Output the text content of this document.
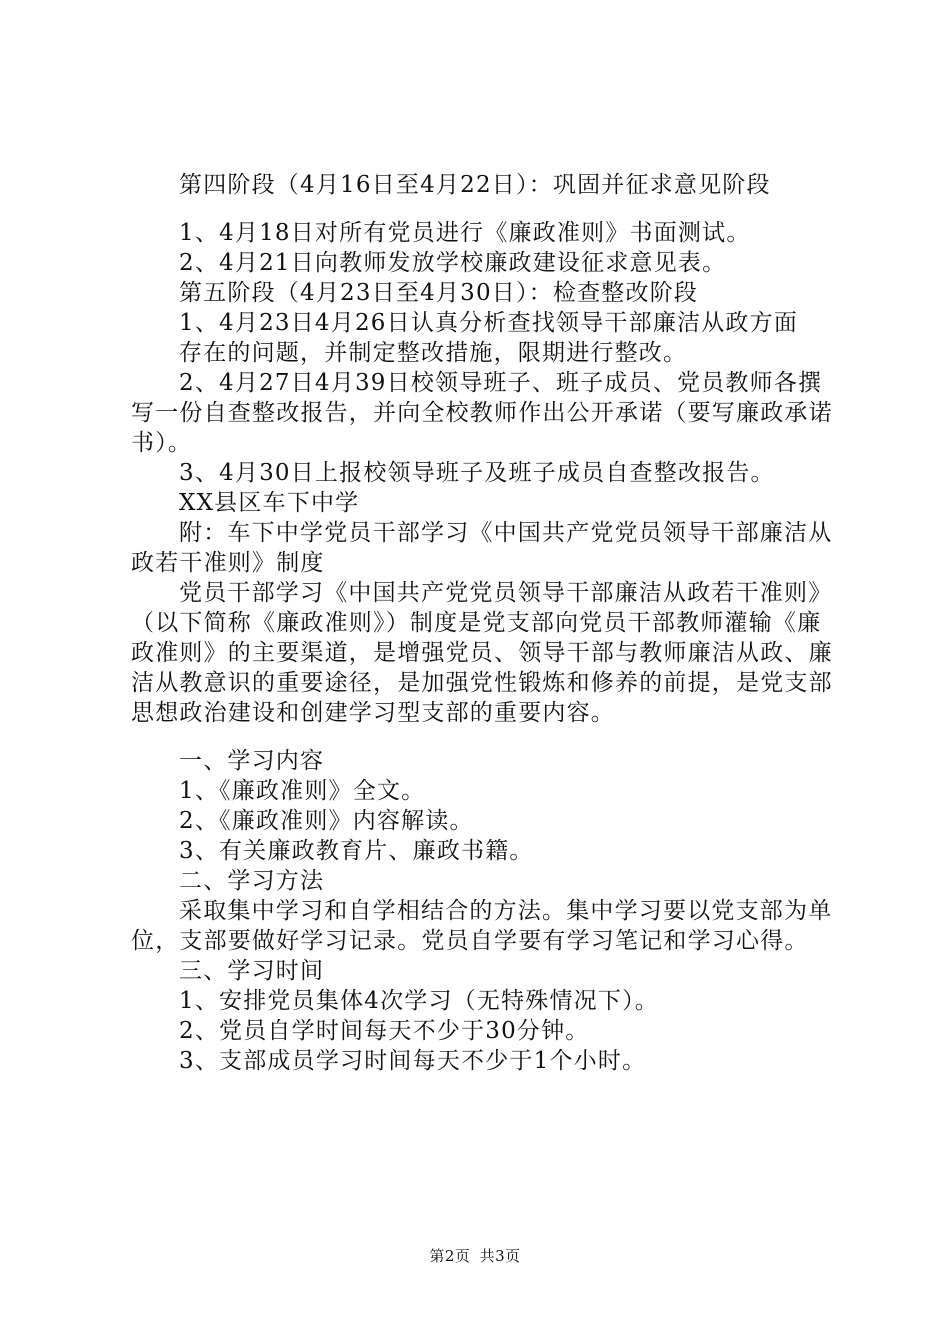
第四阶段（4月16日至4月22日）：巩固并征求意见阶段

1、4月18日对所有党员进行《廉政准则》书面测试。

2、4月21日向教师发放学校廉政建设征求意见表。

第五阶段（4月23日至4月30日）：检查整改阶段

1、4月23日4月26日认真分析查找领导干部廉洁从政方面

存在的问题，并制定整改措施，限期进行整改。

2、4月27日4月39日校领导班子、班子成员、党员教师各撰写一份自查整改报告，并向全校教师作出公开承诺（要写廉政承诺书）。

3、4月30日上报校领导班子及班子成员自查整改报告。

XX县区车下中学

附：车下中学党员干部学习《中国共产党党员领导干部廉洁从政若干准则》制度

党员干部学习《中国共产党党员领导干部廉洁从政若干准则》（以下简称《廉政准则》）制度是党支部向党员干部教师灌输《廉政准则》的主要渠道，是增强党员、领导干部与教师廉洁从政、廉洁从教意识的重要途径，是加强党性锻炼和修养的前提，是党支部思想政治建设和创建学习型支部的重要内容。

一、学习内容

1、《廉政准则》全文。

2、《廉政准则》内容解读。

3、有关廉政教育片、廉政书籍。

二、学习方法

采取集中学习和自学相结合的方法。集中学习要以党支部为单位，支部要做好学习记录。党员自学要有学习笔记和学习心得。

三、学习时间

1、安排党员集体4次学习（无特殊情况下）。

2、党员自学时间每天不少于30分钟。

3、支部成员学习时间每天不少于1个小时。

第2页 共3页
